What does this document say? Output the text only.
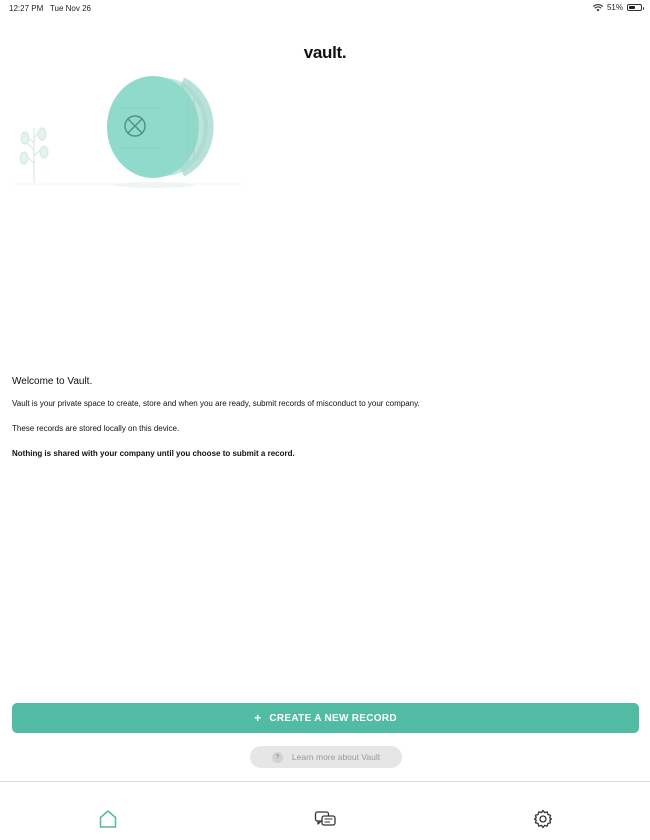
12:27 PM Tue Nov 26	51%
vault.

Welcome to Vault.

Vault is your private space to create, store and when you are ready, submit records of misconduct to your company.

These records are stored locally on this device.

Nothing is shared with your company until you choose to submit a record.

+ CREATE A NEW RECORD
?	Learn more about Vault
